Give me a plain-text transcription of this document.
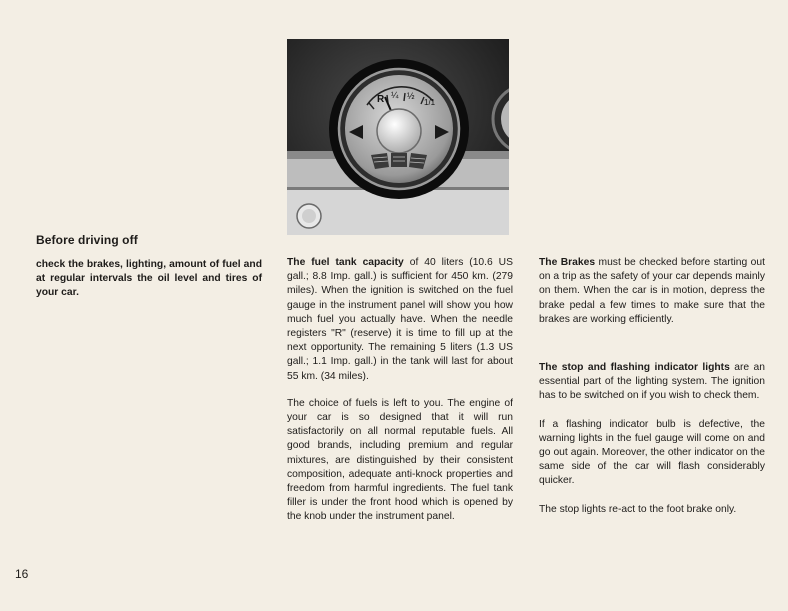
R ¼ ½
1/1
Before driving off
check the brakes, lighting, amount of fuel and at regular intervals the oil level and tires of your car.

The fuel tank capacity of 40 liters (10.6 US gall.; 8.8 Imp. gall.) is sufficient for 450 km. (279 miles). When the ignition is switched on the fuel gauge in the instrument panel will show you how much fuel you actually have. When the needle registers "R" (reserve) it is time to fill up at the next opportunity. The remaining 5 liters (1.3 US gall.; 1.1 Imp. gall.) in the tank will last for about 55 km. (34 miles).

The choice of fuels is left to you. The engine of your car is so designed that it will run satisfactorily on all normal reputable fuels. All good brands, including premium and regular mixtures, are distinguished by their consistent composition, adequate anti-knock properties and freedom from harmful ingredients. The fuel tank filler is under the front hood which is opened by the knob under the instrument panel.

The Brakes must be checked before starting out on a trip as the safety of your car depends mainly on them. When the car is in motion, depress the brake pedal a few times to make sure that the brakes are working efficiently.

The stop and flashing indicator lights are an essential part of the lighting system. The ignition has to be switched on if you wish to check them.

If a flashing indicator bulb is defective, the warning lights in the fuel gauge will come on and go out again. Moreover, the other indicator on the same side of the car will flash considerably quicker.

The stop lights re-act to the foot brake only.

16
